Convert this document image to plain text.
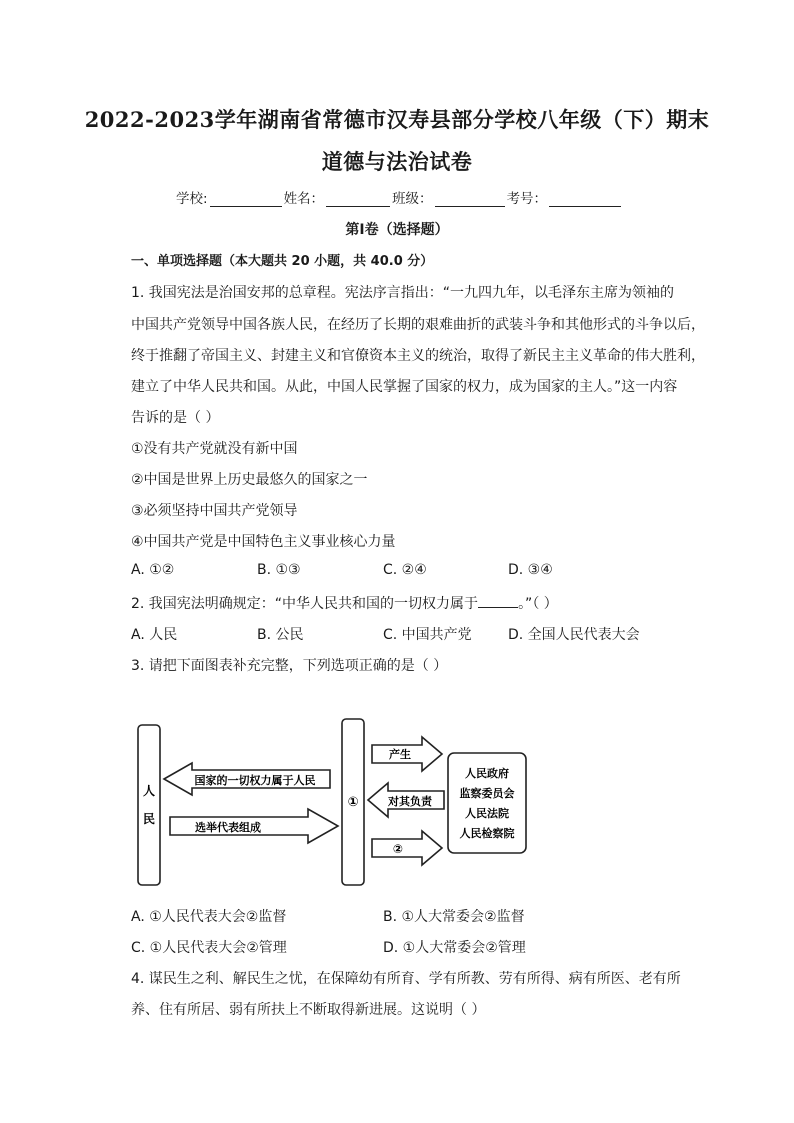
2022-2023学年湖南省常德市汉寿县部分学校八年级（下）期末
道德与法治试卷
学校:	姓名：	班级：	考号：
第I卷（选择题）
一、单项选择题（本大题共 20 小题，共 40.0 分）
1. 我国宪法是治国安邦的总章程。宪法序言指出：“一九四九年，以毛泽东主席为领袖的
中国共产党领导中国各族人民，在经历了长期的艰难曲折的武装斗争和其他形式的斗争以后，
终于推翻了帝国主义、封建主义和官僚资本主义的统治，取得了新民主主义革命的伟大胜利，
建立了中华人民共和国。从此，中国人民掌握了国家的权力，成为国家的主人。”这一内容
告诉的是（ ）
①没有共产党就没有新中国
②中国是世界上历史最悠久的国家之一
③必须坚持中国共产党领导
④中国共产党是中国特色主义事业核心力量
A. ①②	B. ①③	C. ②④	D. ③④
2. 我国宪法明确规定：“中华人民共和国的一切权力属于	。”（ ）
A. 人民	B. 公民	C. 中国共产党	D. 全国人民代表大会
3. 请把下面图表补充完整，下列选项正确的是（ ）
人
民
国家的一切权力属于人民
选举代表组成
①
产生
对其负责
②
人民政府
监察委员会
人民法院
人民检察院
A. ①人民代表大会②监督	B. ①人大常委会②监督
C. ①人民代表大会②管理	D. ①人大常委会②管理
4. 谋民生之利、解民生之忧，在保障幼有所育、学有所教、劳有所得、病有所医、老有所
养、住有所居、弱有所扶上不断取得新进展。这说明（ ）
